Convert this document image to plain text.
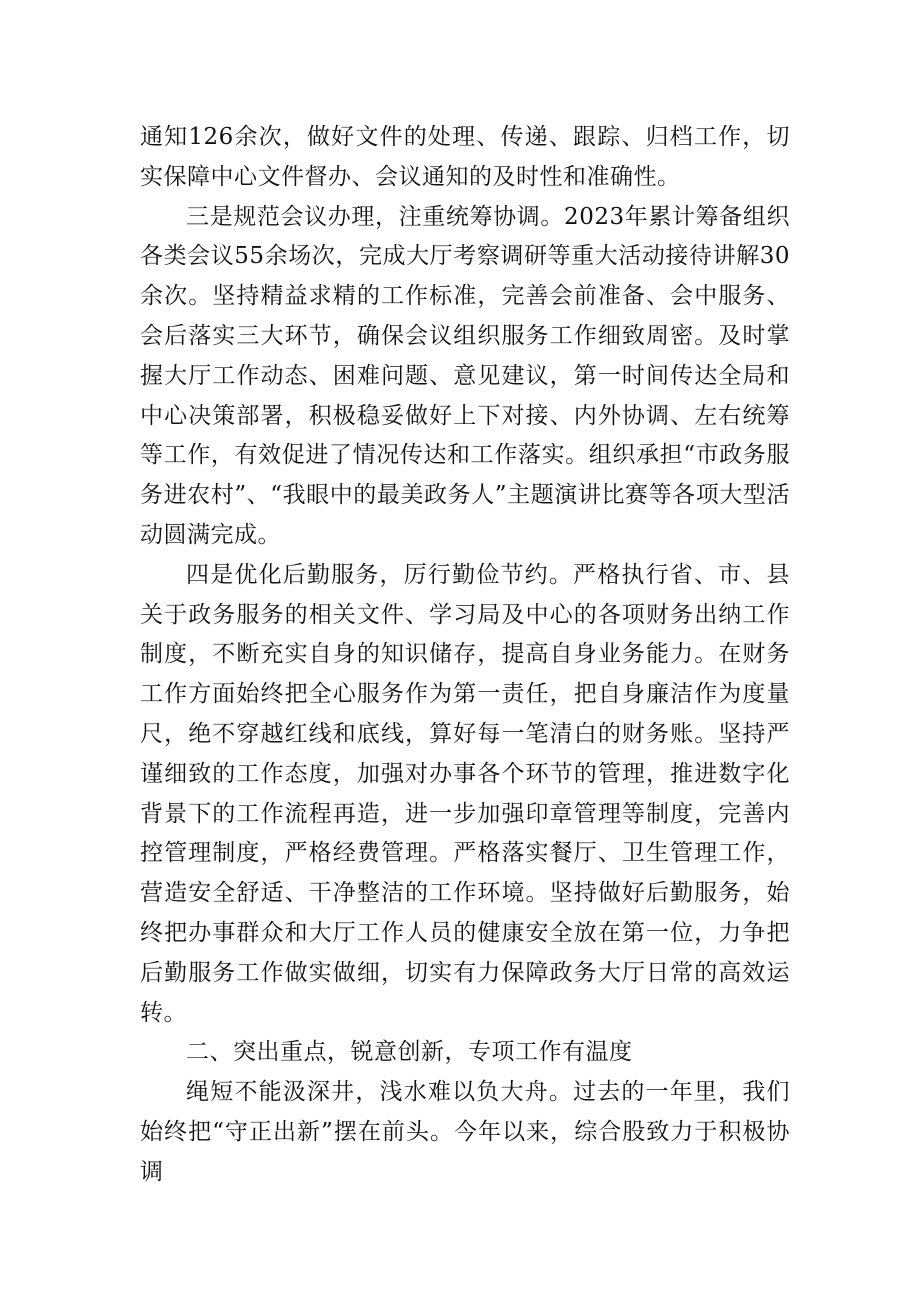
通知126余次，做好文件的处理、传递、跟踪、归档工作，切实保障中心文件督办、会议通知的及时性和准确性。

三是规范会议办理，注重统筹协调。2023年累计筹备组织各类会议55余场次，完成大厅考察调研等重大活动接待讲解30余次。坚持精益求精的工作标准，完善会前准备、会中服务、会后落实三大环节，确保会议组织服务工作细致周密。及时掌握大厅工作动态、困难问题、意见建议，第一时间传达全局和中心决策部署，积极稳妥做好上下对接、内外协调、左右统筹等工作，有效促进了情况传达和工作落实。组织承担“市政务服务进农村”、“我眼中的最美政务人”主题演讲比赛等各项大型活动圆满完成。

四是优化后勤服务，厉行勤俭节约。严格执行省、市、县关于政务服务的相关文件、学习局及中心的各项财务出纳工作制度，不断充实自身的知识储存，提高自身业务能力。在财务工作方面始终把全心服务作为第一责任，把自身廉洁作为度量尺，绝不穿越红线和底线，算好每一笔清白的财务账。坚持严谨细致的工作态度，加强对办事各个环节的管理，推进数字化背景下的工作流程再造，进一步加强印章管理等制度，完善内控管理制度，严格经费管理。严格落实餐厅、卫生管理工作，营造安全舒适、干净整洁的工作环境。坚持做好后勤服务，始终把办事群众和大厅工作人员的健康安全放在第一位，力争把后勤服务工作做实做细，切实有力保障政务大厅日常的高效运转。

二、突出重点，锐意创新，专项工作有温度

绳短不能汲深井，浅水难以负大舟。过去的一年里，我们始终把“守正出新”摆在前头。今年以来，综合股致力于积极协调
